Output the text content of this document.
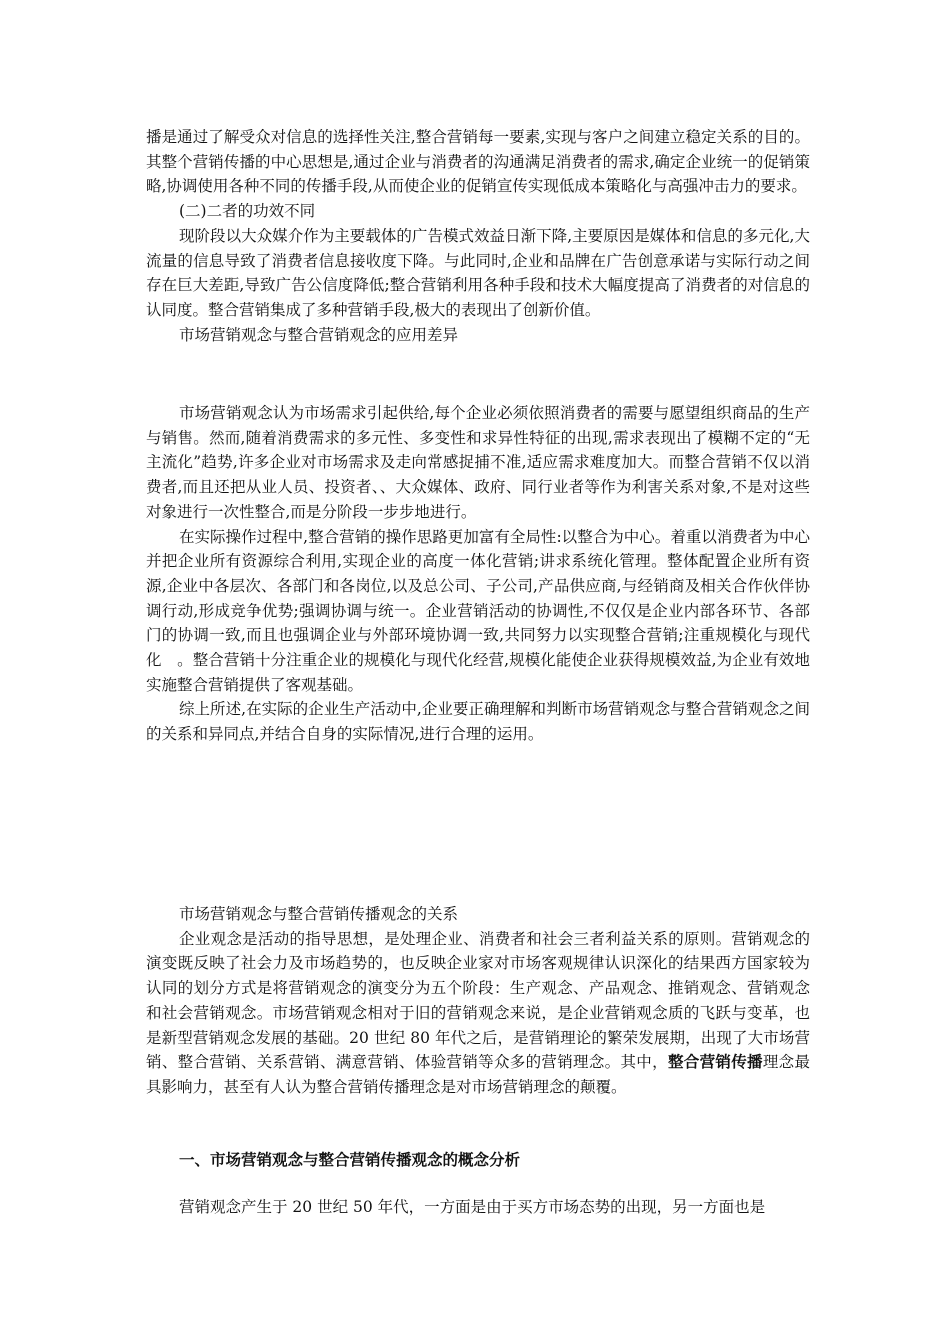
播是通过了解受众对信息的选择性关注,整合营销每一要素,实现与客户之间建立稳定关系的目的。其整个营销传播的中心思想是,通过企业与消费者的沟通满足消费者的需求,确定企业统一的促销策略,协调使用各种不同的传播手段,从而使企业的促销宣传实现低成本策略化与高强冲击力的要求。

(二)二者的功效不同

现阶段以大众媒介作为主要载体的广告模式效益日渐下降,主要原因是媒体和信息的多元化,大流量的信息导致了消费者信息接收度下降。与此同时,企业和品牌在广告创意承诺与实际行动之间存在巨大差距,导致广告公信度降低;整合营销利用各种手段和技术大幅度提高了消费者的对信息的认同度。整合营销集成了多种营销手段,极大的表现出了创新价值。

市场营销观念与整合营销观念的应用差异

市场营销观念认为市场需求引起供给,每个企业必须依照消费者的需要与愿望组织商品的生产与销售。然而,随着消费需求的多元性、多变性和求异性特征的出现,需求表现出了模糊不定的“无主流化”趋势,许多企业对市场需求及走向常感捉捕不准,适应需求难度加大。而整合营销不仅以消费者,而且还把从业人员、投资者、、大众媒体、政府、同行业者等作为利害关系对象,不是对这些对象进行一次性整合,而是分阶段一步步地进行。

在实际操作过程中,整合营销的操作思路更加富有全局性:以整合为中心。着重以消费者为中心并把企业所有资源综合利用,实现企业的高度一体化营销;讲求系统化管理。整体配置企业所有资源,企业中各层次、各部门和各岗位,以及总公司、子公司,产品供应商,与经销商及相关合作伙伴协调行动,形成竞争优势;强调协调与统一。企业营销活动的协调性,不仅仅是企业内部各环节、各部门的协调一致,而且也强调企业与外部环境协调一致,共同努力以实现整合营销;注重规模化与现代化　。整合营销十分注重企业的规模化与现代化经营,规模化能使企业获得规模效益,为企业有效地实施整合营销提供了客观基础。

综上所述,在实际的企业生产活动中,企业要正确理解和判断市场营销观念与整合营销观念之间的关系和异同点,并结合自身的实际情况,进行合理的运用。

市场营销观念与整合营销传播观念的关系

企业观念是活动的指导思想，是处理企业、消费者和社会三者利益关系的原则。营销观念的演变既反映了社会力及市场趋势的，也反映企业家对市场客观规律认识深化的结果西方国家较为认同的划分方式是将营销观念的演变分为五个阶段：生产观念、产品观念、推销观念、营销观念和社会营销观念。市场营销观念相对于旧的营销观念来说，是企业营销观念质的飞跃与变革，也是新型营销观念发展的基础。20 世纪 80 年代之后，是营销理论的繁荣发展期，出现了大市场营销、整合营销、关系营销、满意营销、体验营销等众多的营销理念。其中，整合营销传播理念最具影响力，甚至有人认为整合营销传播理念是对市场营销理念的颠覆。

一、市场营销观念与整合营销传播观念的概念分析

营销观念产生于 20 世纪 50 年代，一方面是由于买方市场态势的出现，另一方面也是
